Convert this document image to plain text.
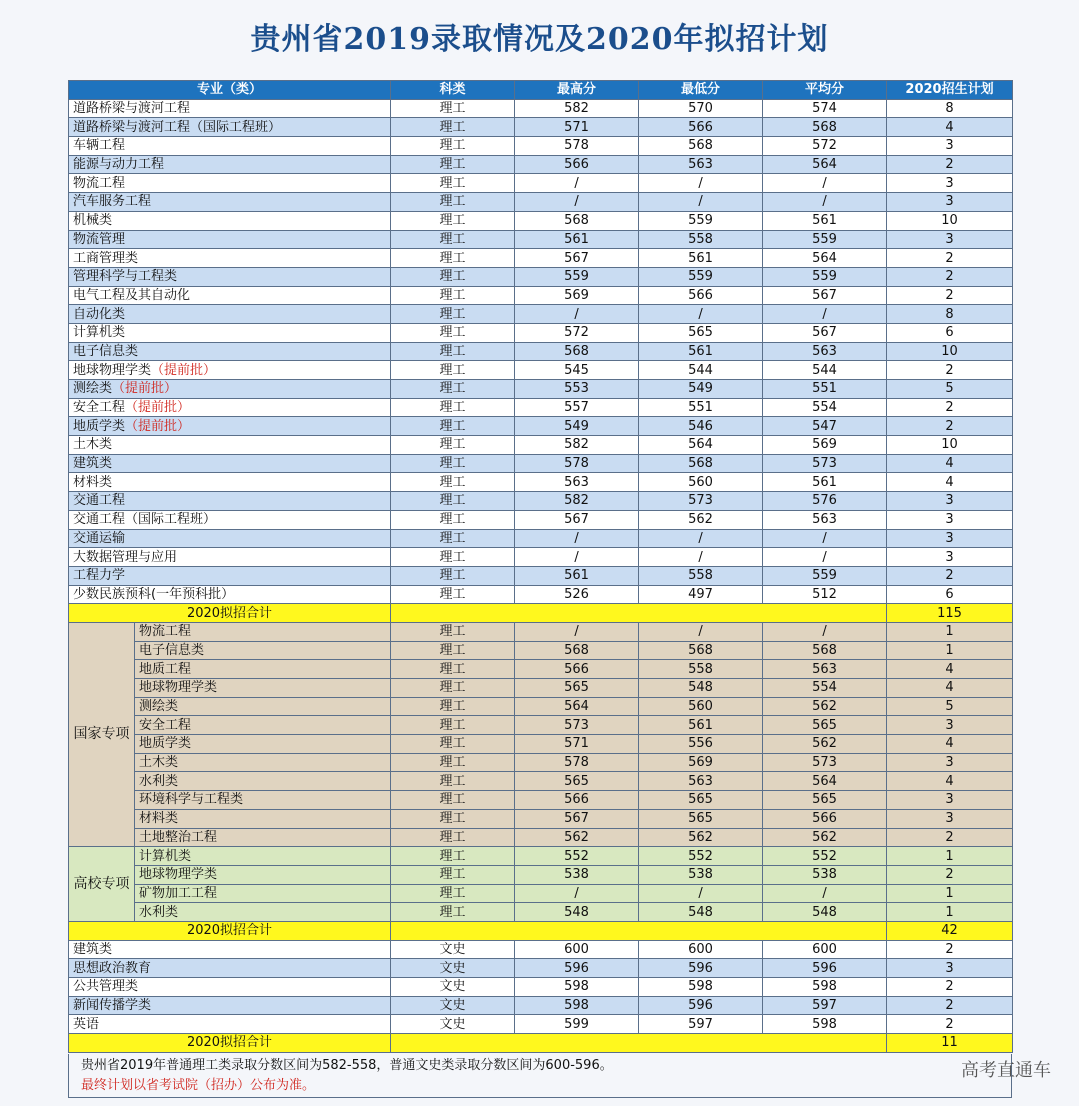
贵州省2019录取情况及2020年拟招计划
专业（类）		科类	最高分	最低分	平均分	2020招生计划
道路桥梁与渡河工程		理工	582	570	574	8
道路桥梁与渡河工程（国际工程班）		理工	571	566	568	4
车辆工程		理工	578	568	572	3
能源与动力工程		理工	566	563	564	2
物流工程		理工	/	/	/	3
汽车服务工程		理工	/	/	/	3
机械类		理工	568	559	561	10
物流管理		理工	561	558	559	3
工商管理类		理工	567	561	564	2
管理科学与工程类		理工	559	559	559	2
电气工程及其自动化		理工	569	566	567	2
自动化类		理工	/	/	/	8
计算机类		理工	572	565	567	6
电子信息类		理工	568	561	563	10
地球物理学类（提前批）		理工	545	544	544	2
测绘类（提前批）		理工	553	549	551	5
安全工程（提前批）		理工	557	551	554	2
地质学类（提前批）		理工	549	546	547	2
土木类		理工	582	564	569	10
建筑类		理工	578	568	573	4
材料类		理工	563	560	561	4
交通工程		理工	582	573	576	3
交通工程（国际工程班）		理工	567	562	563	3
交通运输		理工	/	/	/	3
大数据管理与应用		理工	/	/	/	3
工程力学		理工	561	558	559	2
少数民族预科(一年预科批）		理工	526	497	512	6
2020拟招合计						115
国家专项	物流工程	理工	/	/	/	1
	电子信息类	理工	568	568	568	1
	地质工程	理工	566	558	563	4
	地球物理学类	理工	565	548	554	4
	测绘类	理工	564	560	562	5
	安全工程	理工	573	561	565	3
	地质学类	理工	571	556	562	4
	土木类	理工	578	569	573	3
	水利类	理工	565	563	564	4
	环境科学与工程类	理工	566	565	565	3
	材料类	理工	567	565	566	3
	土地整治工程	理工	562	562	562	2
高校专项	计算机类	理工	552	552	552	1
	地球物理学类	理工	538	538	538	2
	矿物加工工程	理工	/	/	/	1
	水利类	理工	548	548	548	1
2020拟招合计						42
建筑类		文史	600	600	600	2
思想政治教育		文史	596	596	596	3
公共管理类		文史	598	598	598	2
新闻传播学类		文史	598	596	597	2
英语		文史	599	597	598	2
2020拟招合计						11
贵州省2019年普通理工类录取分数区间为582-558，普通文史类录取分数区间为600-596。
最终计划以省考试院（招办）公布为准。
高考直通车
